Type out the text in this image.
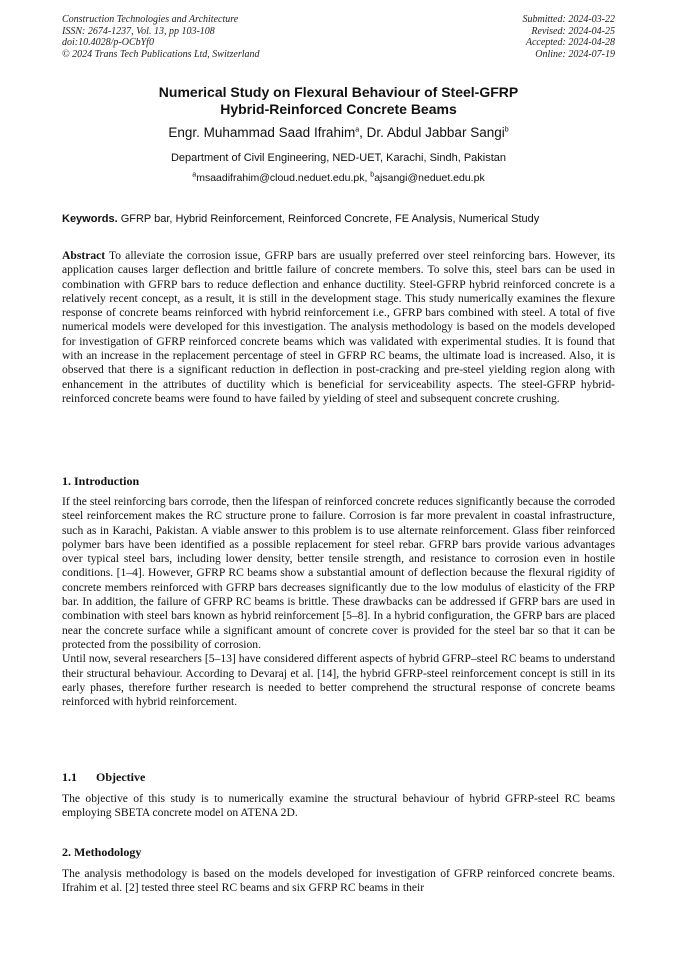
Construction Technologies and Architecture
ISSN: 2674-1237, Vol. 13, pp 103-108
doi:10.4028/p-OCbYf0
© 2024 Trans Tech Publications Ltd, Switzerland
Submitted: 2024-03-22
Revised: 2024-04-25
Accepted: 2024-04-28
Online: 2024-07-19
Numerical Study on Flexural Behaviour of Steel-GFRP
Hybrid-Reinforced Concrete Beams
Engr. Muhammad Saad Ifrahim$^a$, Dr. Abdul Jabbar Sangi$^b$
Department of Civil Engineering, NED-UET, Karachi, Sindh, Pakistan
$^a$msaadifrahim@cloud.neduet.edu.pk, $^b$ajsangi@neduet.edu.pk
Keywords. GFRP bar, Hybrid Reinforcement, Reinforced Concrete, FE Analysis, Numerical Study
Abstract To alleviate the corrosion issue, GFRP bars are usually preferred over steel reinforcing bars. However, its application causes larger deflection and brittle failure of concrete members. To solve this, steel bars can be used in combination with GFRP bars to reduce deflection and enhance ductility. Steel-GFRP hybrid reinforced concrete is a relatively recent concept, as a result, it is still in the development stage. This study numerically examines the flexure response of concrete beams reinforced with hybrid reinforcement i.e., GFRP bars combined with steel. A total of five numerical models were developed for this investigation. The analysis methodology is based on the models developed for investigation of GFRP reinforced concrete beams which was validated with experimental studies. It is found that with an increase in the replacement percentage of steel in GFRP RC beams, the ultimate load is increased. Also, it is observed that there is a significant reduction in deflection in post-cracking and pre-steel yielding region along with enhancement in the attributes of ductility which is beneficial for serviceability aspects. The steel-GFRP hybrid-reinforced concrete beams were found to have failed by yielding of steel and subsequent concrete crushing.
1. Introduction

If the steel reinforcing bars corrode, then the lifespan of reinforced concrete reduces significantly because the corroded steel reinforcement makes the RC structure prone to failure. Corrosion is far more prevalent in coastal infrastructure, such as in Karachi, Pakistan. A viable answer to this problem is to use alternate reinforcement. Glass fiber reinforced polymer bars have been identified as a possible replacement for steel rebar. GFRP bars provide various advantages over typical steel bars, including lower density, better tensile strength, and resistance to corrosion even in hostile conditions. [1–4]. However, GFRP RC beams show a substantial amount of deflection because the flexural rigidity of concrete members reinforced with GFRP bars decreases significantly due to the low modulus of elasticity of the FRP bar. In addition, the failure of GFRP RC beams is brittle. These drawbacks can be addressed if GFRP bars are used in combination with steel bars known as hybrid reinforcement [5–8]. In a hybrid configuration, the GFRP bars are placed near the concrete surface while a significant amount of concrete cover is provided for the steel bar so that it can be protected from the possibility of corrosion.

Until now, several researchers [5–13] have considered different aspects of hybrid GFRP–steel RC beams to understand their structural behaviour. According to Devaraj et al. [14], the hybrid GFRP-steel reinforcement concept is still in its early phases, therefore further research is needed to better comprehend the structural response of concrete beams reinforced with hybrid reinforcement.

1.1 Objective
The objective of this study is to numerically examine the structural behaviour of hybrid GFRP-steel RC beams employing SBETA concrete model on ATENA 2D.
2. Methodology
The analysis methodology is based on the models developed for investigation of GFRP reinforced concrete beams. Ifrahim et al. [2] tested three steel RC beams and six GFRP RC beams in their
